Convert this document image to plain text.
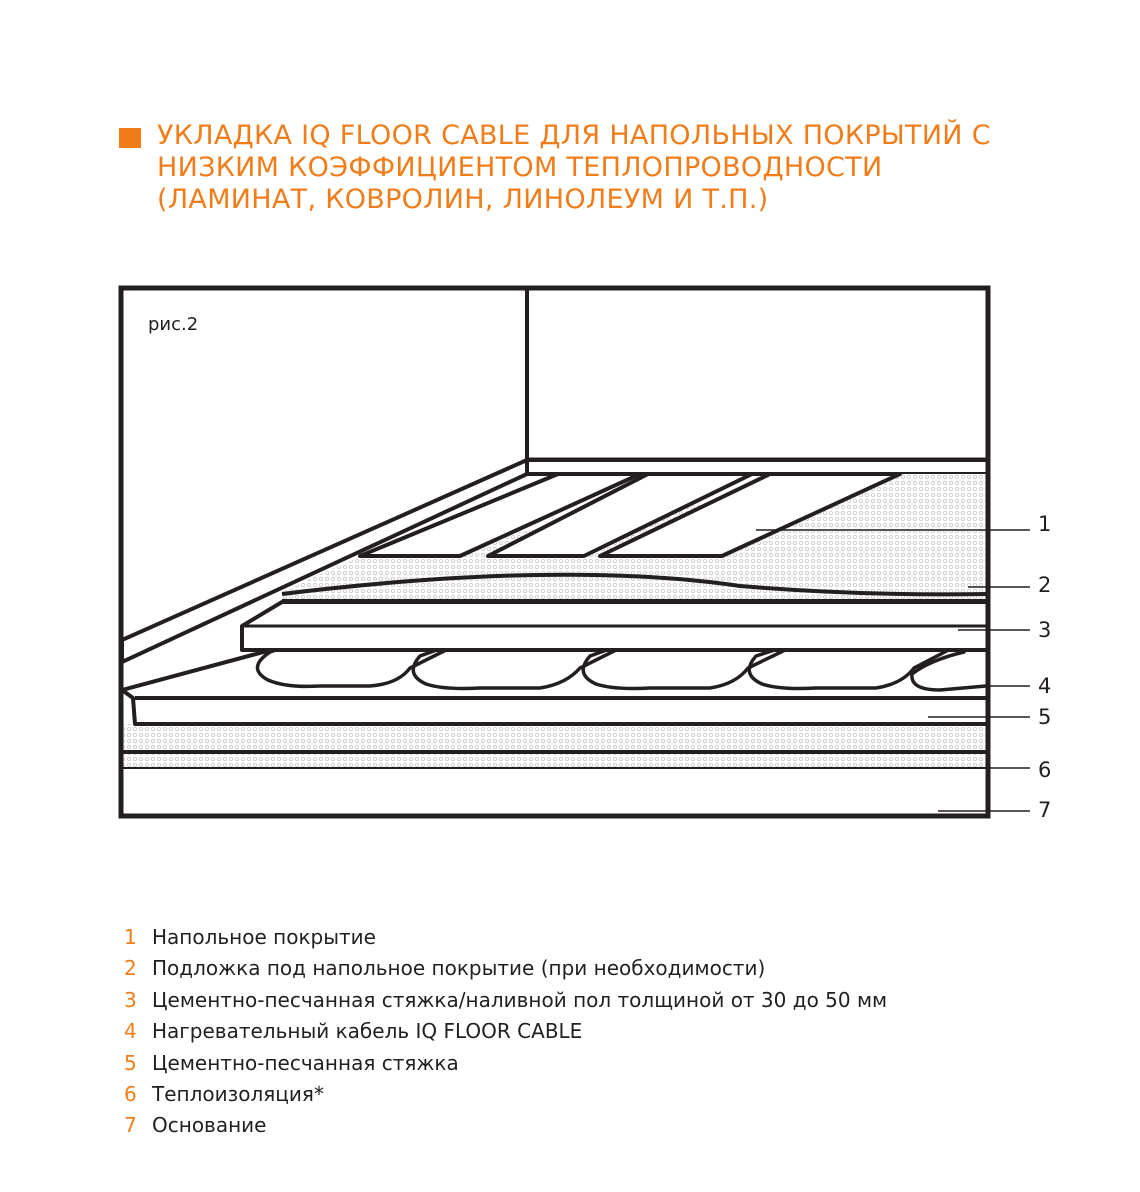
УКЛАДКА IQ FLOOR CABLE ДЛЯ НАПОЛЬНЫХ ПОКРЫТИЙ С
НИЗКИМ КОЭФФИЦИЕНТОМ ТЕПЛОПРОВОДНОСТИ
(ЛАМИНАТ, КОВРОЛИН, ЛИНОЛЕУМ И Т.П.)
рис.2
1
2
3
4
5
6
7
1 Напольное покрытие
2 Подложка под напольное покрытие (при необходимости)
3 Цементно-песчанная стяжка/наливной пол толщиной от 30 до 50 мм
4 Нагревательный кабель IQ FLOOR CABLE
5 Цементно-песчанная стяжка
6 Теплоизоляция*
7 Основание
